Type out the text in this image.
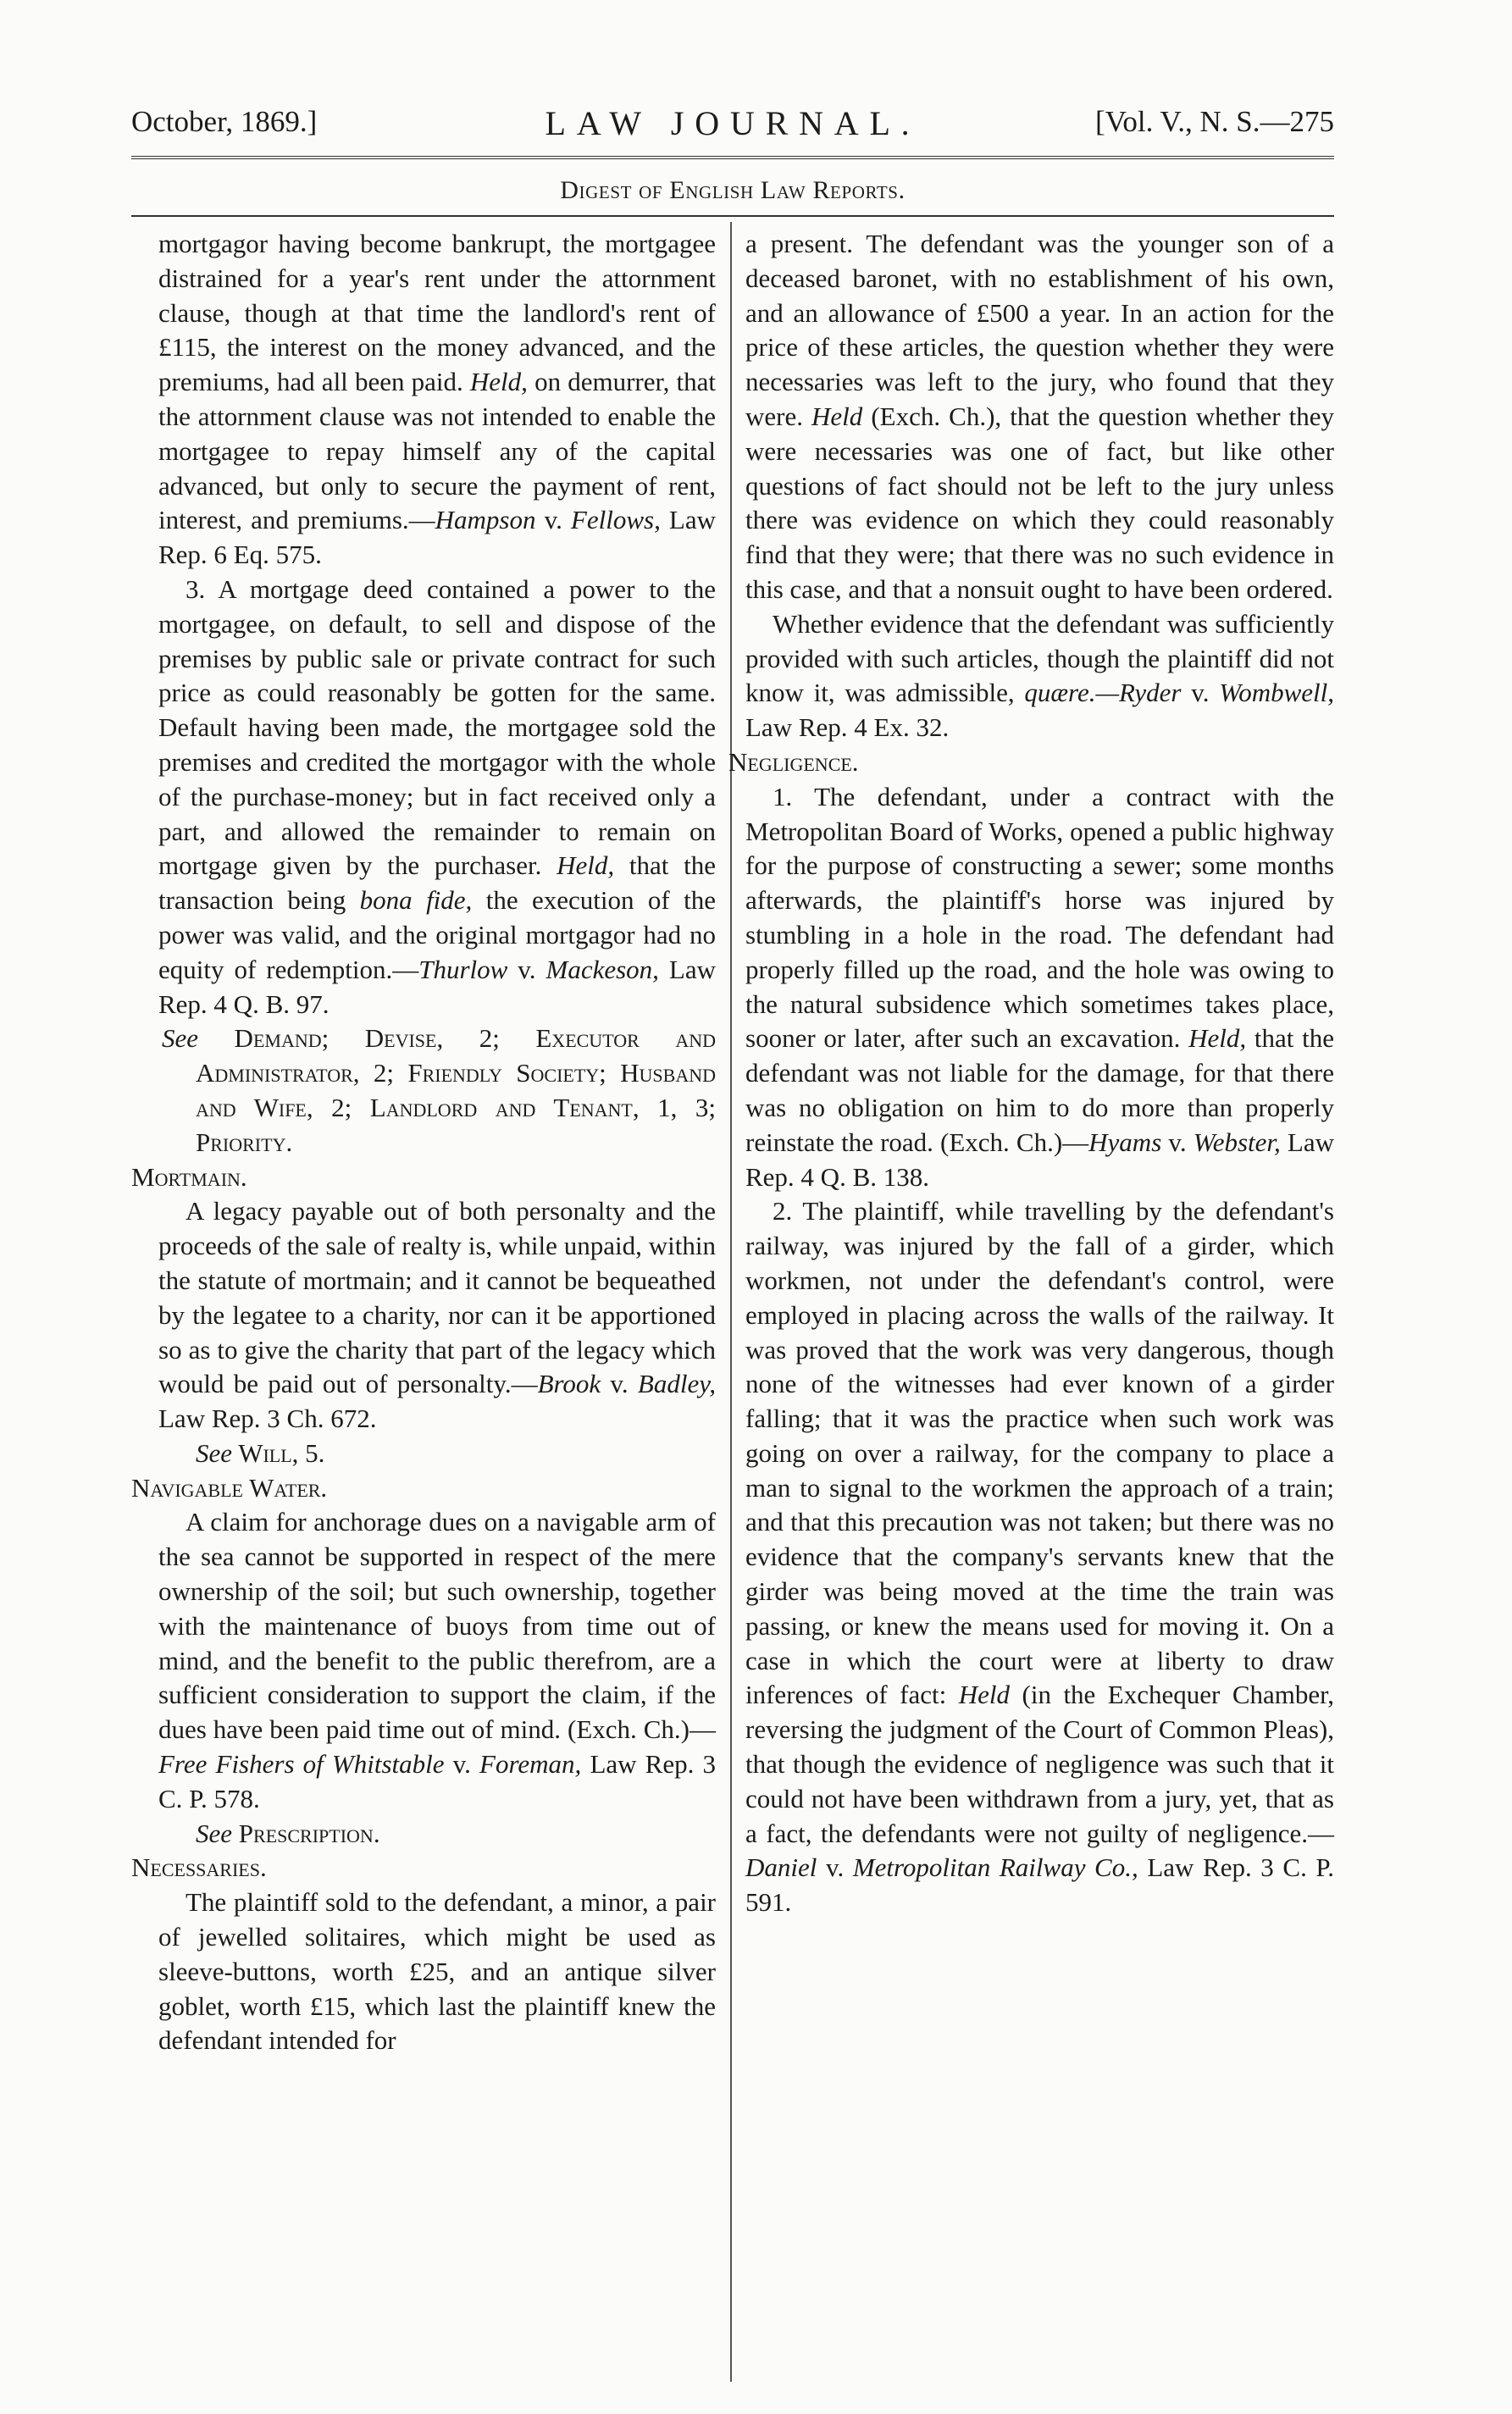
October, 1869.]	LAW JOURNAL.	[Vol. V., N. S.—275
Digest of English Law Reports.

mortgagor having become bankrupt, the mortgagee distrained for a year's rent under the attornment clause, though at that time the landlord's rent of £115, the interest on the money advanced, and the premiums, had all been paid. Held, on demurrer, that the attornment clause was not intended to enable the mortgagee to repay himself any of the capital advanced, but only to secure the payment of rent, interest, and premiums.—Hampson v. Fellows, Law Rep. 6 Eq. 575.

3. A mortgage deed contained a power to the mortgagee, on default, to sell and dispose of the premises by public sale or private contract for such price as could reasonably be gotten for the same. Default having been made, the mortgagee sold the premises and credited the mortgagor with the whole of the purchase-money; but in fact received only a part, and allowed the remainder to remain on mortgage given by the purchaser. Held, that the transaction being bona fide, the execution of the power was valid, and the original mortgagor had no equity of redemption.—Thurlow v. Mackeson, Law Rep. 4 Q. B. 97.

See Demand; Devise, 2; Executor and Administrator, 2; Friendly Society; Husband and Wife, 2; Landlord and Tenant, 1, 3; Priority.

Mortmain.

A legacy payable out of both personalty and the proceeds of the sale of realty is, while unpaid, within the statute of mortmain; and it cannot be bequeathed by the legatee to a charity, nor can it be apportioned so as to give the charity that part of the legacy which would be paid out of personalty.—Brook v. Badley, Law Rep. 3 Ch. 672.

See Will, 5.

Navigable Water.

A claim for anchorage dues on a navigable arm of the sea cannot be supported in respect of the mere ownership of the soil; but such ownership, together with the maintenance of buoys from time out of mind, and the benefit to the public therefrom, are a sufficient consideration to support the claim, if the dues have been paid time out of mind. (Exch. Ch.)—Free Fishers of Whitstable v. Foreman, Law Rep. 3 C. P. 578.

See Prescription.

Necessaries.

The plaintiff sold to the defendant, a minor, a pair of jewelled solitaires, which might be used as sleeve-buttons, worth £25, and an antique silver goblet, worth £15, which last the plaintiff knew the defendant intended for

a present. The defendant was the younger son of a deceased baronet, with no establishment of his own, and an allowance of £500 a year. In an action for the price of these articles, the question whether they were necessaries was left to the jury, who found that they were. Held (Exch. Ch.), that the question whether they were necessaries was one of fact, but like other questions of fact should not be left to the jury unless there was evidence on which they could reasonably find that they were; that there was no such evidence in this case, and that a nonsuit ought to have been ordered.

Whether evidence that the defendant was sufficiently provided with such articles, though the plaintiff did not know it, was admissible, quære.—Ryder v. Wombwell, Law Rep. 4 Ex. 32.

Negligence.

1. The defendant, under a contract with the Metropolitan Board of Works, opened a public highway for the purpose of constructing a sewer; some months afterwards, the plaintiff's horse was injured by stumbling in a hole in the road. The defendant had properly filled up the road, and the hole was owing to the natural subsidence which sometimes takes place, sooner or later, after such an excavation. Held, that the defendant was not liable for the damage, for that there was no obligation on him to do more than properly reinstate the road. (Exch. Ch.)—Hyams v. Webster, Law Rep. 4 Q. B. 138.

2. The plaintiff, while travelling by the defendant's railway, was injured by the fall of a girder, which workmen, not under the defendant's control, were employed in placing across the walls of the railway. It was proved that the work was very dangerous, though none of the witnesses had ever known of a girder falling; that it was the practice when such work was going on over a railway, for the company to place a man to signal to the workmen the approach of a train; and that this precaution was not taken; but there was no evidence that the company's servants knew that the girder was being moved at the time the train was passing, or knew the means used for moving it. On a case in which the court were at liberty to draw inferences of fact: Held (in the Exchequer Chamber, reversing the judgment of the Court of Common Pleas), that though the evidence of negligence was such that it could not have been withdrawn from a jury, yet, that as a fact, the defendants were not guilty of negligence.—Daniel v. Metropolitan Railway Co., Law Rep. 3 C. P. 591.
